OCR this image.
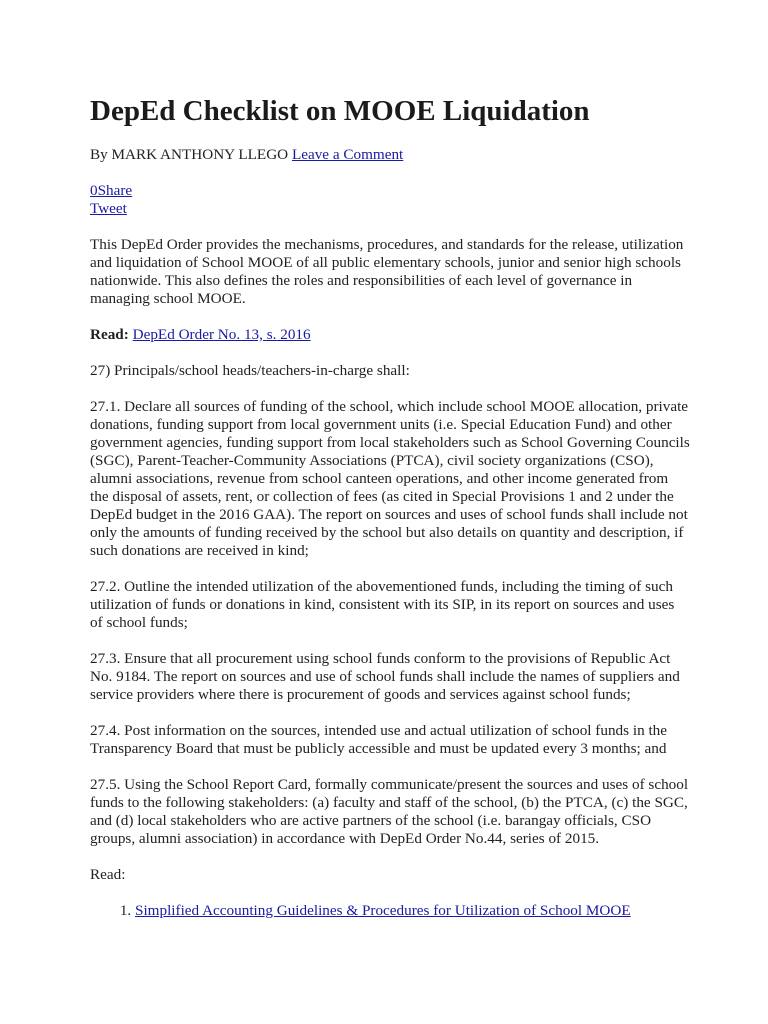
DepEd Checklist on MOOE Liquidation

By MARK ANTHONY LLEGO Leave a Comment

0Share
Tweet

This DepEd Order provides the mechanisms, procedures, and standards for the release, utilization and liquidation of School MOOE of all public elementary schools, junior and senior high schools nationwide. This also defines the roles and responsibilities of each level of governance in managing school MOOE.

Read: DepEd Order No. 13, s. 2016

27) Principals/school heads/teachers-in-charge shall:

27.1. Declare all sources of funding of the school, which include school MOOE allocation, private donations, funding support from local government units (i.e. Special Education Fund) and other government agencies, funding support from local stakeholders such as School Governing Councils (SGC), Parent-Teacher-Community Associations (PTCA), civil society organizations (CSO), alumni associations, revenue from school canteen operations, and other income generated from the disposal of assets, rent, or collection of fees (as cited in Special Provisions 1 and 2 under the DepEd budget in the 2016 GAA). The report on sources and uses of school funds shall include not only the amounts of funding received by the school but also details on quantity and description, if such donations are received in kind;

27.2. Outline the intended utilization of the abovementioned funds, including the timing of such utilization of funds or donations in kind, consistent with its SIP, in its report on sources and uses of school funds;

27.3. Ensure that all procurement using school funds conform to the provisions of Republic Act No. 9184. The report on sources and use of school funds shall include the names of suppliers and service providers where there is procurement of goods and services against school funds;

27.4. Post information on the sources, intended use and actual utilization of school funds in the Transparency Board that must be publicly accessible and must be updated every 3 months; and

27.5. Using the School Report Card, formally communicate/present the sources and uses of school funds to the following stakeholders: (a) faculty and staff of the school, (b) the PTCA, (c) the SGC, and (d) local stakeholders who are active partners of the school (i.e. barangay officials, CSO groups, alumni association) in accordance with DepEd Order No.44, series of 2015.

Read:

1. Simplified Accounting Guidelines & Procedures for Utilization of School MOOE
